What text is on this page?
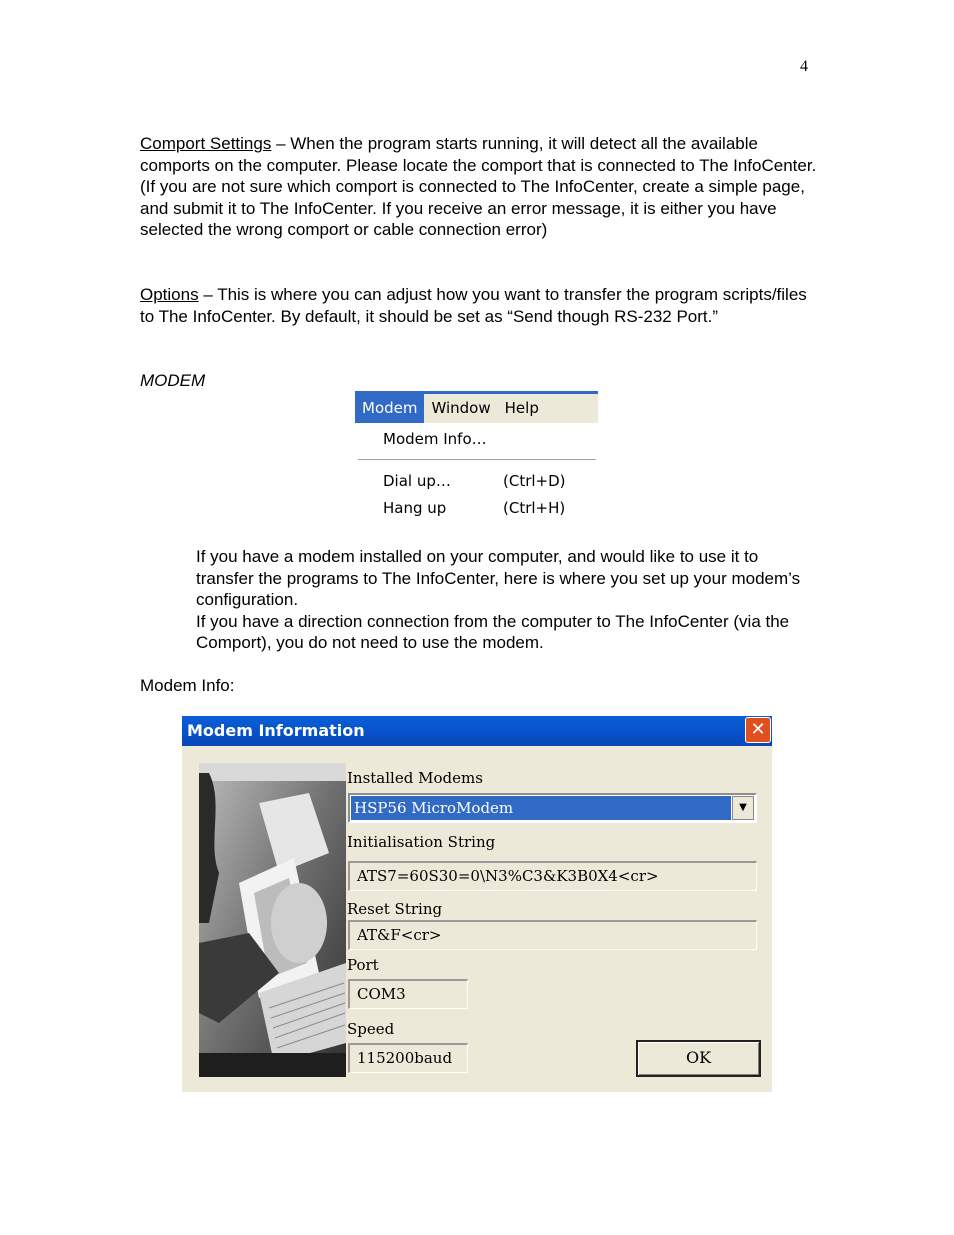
4

Comport Settings – When the program starts running, it will detect all the available comports on the computer. Please locate the comport that is connected to The InfoCenter.

(If you are not sure which comport is connected to The InfoCenter, create a simple page, and submit it to The InfoCenter. If you receive an error message, it is either you have selected the wrong comport or cable connection error)

Options – This is where you can adjust how you want to transfer the program scripts/files to The InfoCenter. By default, it should be set as “Send though RS-232 Port.”

MODEM
Modem Window Help
Modem Info…
Dial up…	(Ctrl+D)
Hang up	(Ctrl+H)

If you have a modem installed on your computer, and would like to use it to transfer the programs to The InfoCenter, here is where you set up your modem’s configuration.

If you have a direction connection from the computer to The InfoCenter (via the Comport), you do not need to use the modem.

Modem Info:
Modem Information	✕
Installed Modems
HSP56 MicroModem	▼
Initialisation String
ATS7=60S30=0\N3%C3&K3B0X4<cr>
Reset String
AT&F<cr>
Port
COM3
Speed
115200baud	OK
